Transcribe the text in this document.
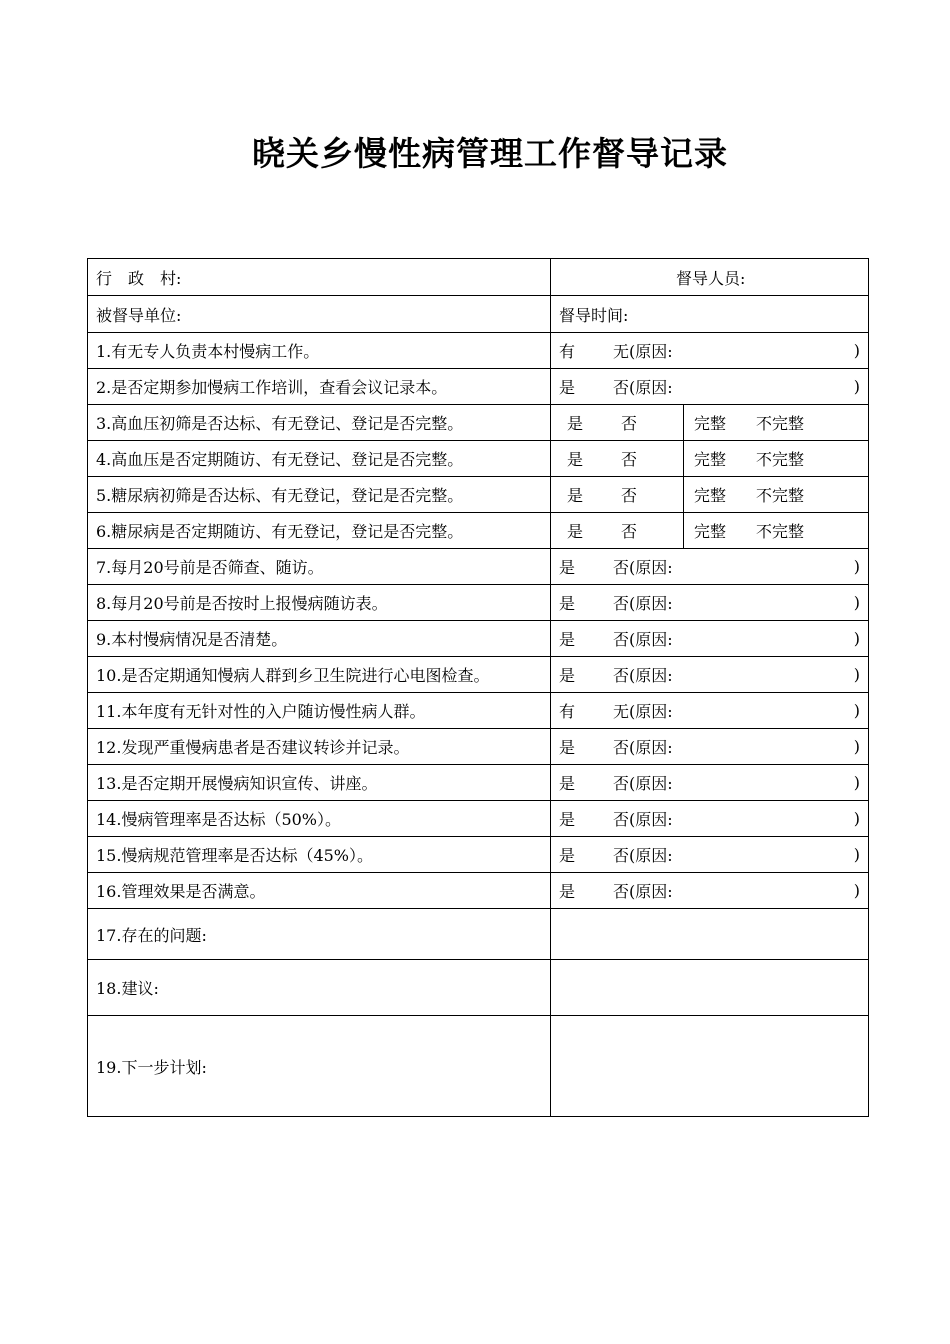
晓关乡慢性病管理工作督导记录
行　政　村:	督导人员:
被督导单位:	督导时间:
1.有无专人负责本村慢病工作。	有 无 (原因: )

2.是否定期参加慢病工作培训，查看会议记录本。	是 否 (原因: )

3.高血压初筛是否达标、有无登记、登记是否完整。	是 否 完整 不完整

4.高血压是否定期随访、有无登记、登记是否完整。	是 否 完整 不完整

5.糖尿病初筛是否达标、有无登记，登记是否完整。	是 否 完整 不完整

6.糖尿病是否定期随访、有无登记，登记是否完整。	是 否 完整 不完整

7.每月20号前是否筛查、随访。	是 否 (原因: )

8.每月20号前是否按时上报慢病随访表。	是 否 (原因: )

9.本村慢病情况是否清楚。	是 否 (原因: )

10.是否定期通知慢病人群到乡卫生院进行心电图检查。	是 否 (原因: )

11.本年度有无针对性的入户随访慢性病人群。	有 无 (原因: )

12.发现严重慢病患者是否建议转诊并记录。	是 否 (原因: )

13.是否定期开展慢病知识宣传、讲座。	是 否 (原因: )

14.慢病管理率是否达标（50%）。	是 否 (原因: )

15.慢病规范管理率是否达标（45%）。	是 否 (原因: )

16.管理效果是否满意。	是 否 (原因: )

17.存在的问题:	
18.建议:	
19.下一步计划:	
